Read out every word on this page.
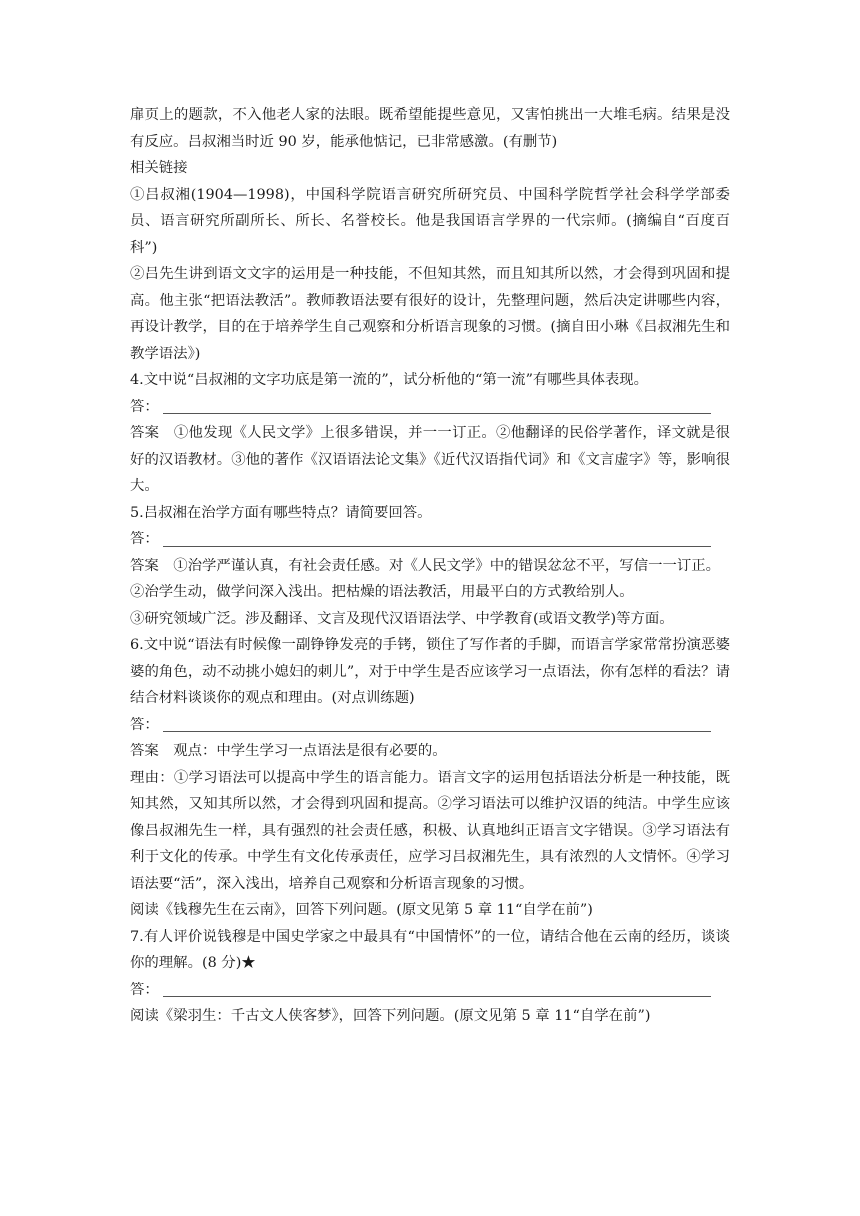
扉页上的题款，不入他老人家的法眼。既希望能提些意见，又害怕挑出一大堆毛病。结果是没有反应。吕叔湘当时近 90 岁，能承他惦记，已非常感激。(有删节)

相关链接

①吕叔湘(1904—1998)，中国科学院语言研究所研究员、中国科学院哲学社会科学学部委员、语言研究所副所长、所长、名誉校长。他是我国语言学界的一代宗师。(摘编自“百度百科”)

②吕先生讲到语文文字的运用是一种技能，不但知其然，而且知其所以然，才会得到巩固和提高。他主张“把语法教活”。教师教语法要有很好的设计，先整理问题，然后决定讲哪些内容，再设计教学，目的在于培养学生自己观察和分析语言现象的习惯。(摘自田小琳《吕叔湘先生和教学语法》)

4.文中说“吕叔湘的文字功底是第一流的”，试分析他的“第一流”有哪些具体表现。

答：

答案  ①他发现《人民文学》上很多错误，并一一订正。②他翻译的民俗学著作，译文就是很好的汉语教材。③他的著作《汉语语法论文集》《近代汉语指代词》和《文言虚字》等，影响很大。

5.吕叔湘在治学方面有哪些特点？请简要回答。

答：

答案  ①治学严谨认真，有社会责任感。对《人民文学》中的错误忿忿不平，写信一一订正。

②治学生动，做学问深入浅出。把枯燥的语法教活，用最平白的方式教给别人。

③研究领域广泛。涉及翻译、文言及现代汉语语法学、中学教育(或语文教学)等方面。

6.文中说“语法有时候像一副铮铮发亮的手铐，锁住了写作者的手脚，而语言学家常常扮演恶婆婆的角色，动不动挑小媳妇的刺儿”，对于中学生是否应该学习一点语法，你有怎样的看法？请结合材料谈谈你的观点和理由。(对点训练题)

答：

答案  观点：中学生学习一点语法是很有必要的。

理由：①学习语法可以提高中学生的语言能力。语言文字的运用包括语法分析是一种技能，既知其然，又知其所以然，才会得到巩固和提高。②学习语法可以维护汉语的纯洁。中学生应该像吕叔湘先生一样，具有强烈的社会责任感，积极、认真地纠正语言文字错误。③学习语法有利于文化的传承。中学生有文化传承责任，应学习吕叔湘先生，具有浓烈的人文情怀。④学习语法要“活”，深入浅出，培养自己观察和分析语言现象的习惯。

阅读《钱穆先生在云南》，回答下列问题。(原文见第 5 章 11“自学在前”)

7.有人评价说钱穆是中国史学家之中最具有“中国情怀”的一位，请结合他在云南的经历，谈谈你的理解。(8 分)★

答：

阅读《梁羽生：千古文人侠客梦》，回答下列问题。(原文见第 5 章 11“自学在前”)
